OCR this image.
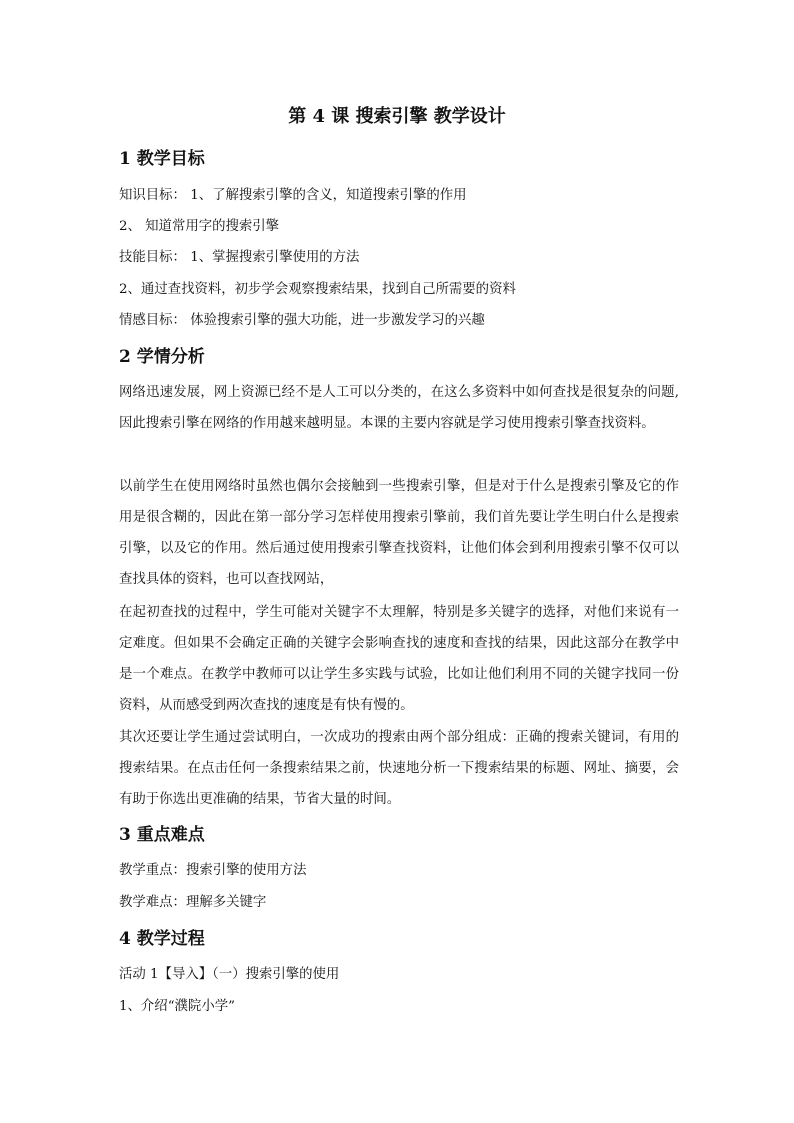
第 4 课 搜索引擎 教学设计
1 教学目标
知识目标： 1、了解搜索引擎的含义，知道搜索引擎的作用
2、 知道常用字的搜索引擎
技能目标： 1、掌握搜索引擎使用的方法
2、通过查找资料，初步学会观察搜索结果，找到自己所需要的资料
情感目标： 体验搜索引擎的强大功能，进一步激发学习的兴趣
2 学情分析
网络迅速发展，网上资源已经不是人工可以分类的，在这么多资料中如何查找是很复杂的问题,因此搜索引擎在网络的作用越来越明显。本课的主要内容就是学习使用搜索引擎查找资料。
以前学生在使用网络时虽然也偶尔会接触到一些搜索引擎，但是对于什么是搜索引擎及它的作用是很含糊的，因此在第一部分学习怎样使用搜索引擎前，我们首先要让学生明白什么是搜索引擎，以及它的作用。然后通过使用搜索引擎查找资料，让他们体会到利用搜索引擎不仅可以查找具体的资料，也可以查找网站，
在起初查找的过程中，学生可能对关键字不太理解，特别是多关键字的选择，对他们来说有一定难度。但如果不会确定正确的关键字会影响查找的速度和查找的结果，因此这部分在教学中是一个难点。在教学中教师可以让学生多实践与试验，比如让他们利用不同的关键字找同一份资料，从而感受到两次查找的速度是有快有慢的。
其次还要让学生通过尝试明白，一次成功的搜索由两个部分组成：正确的搜索关键词，有用的搜索结果。在点击任何一条搜索结果之前，快速地分析一下搜索结果的标题、网址、摘要，会有助于你选出更准确的结果，节省大量的时间。
3 重点难点
教学重点：搜索引擎的使用方法
教学难点：理解多关键字
4 教学过程
活动 1【导入】（一）搜索引擎的使用
1、介绍“濮院小学”
